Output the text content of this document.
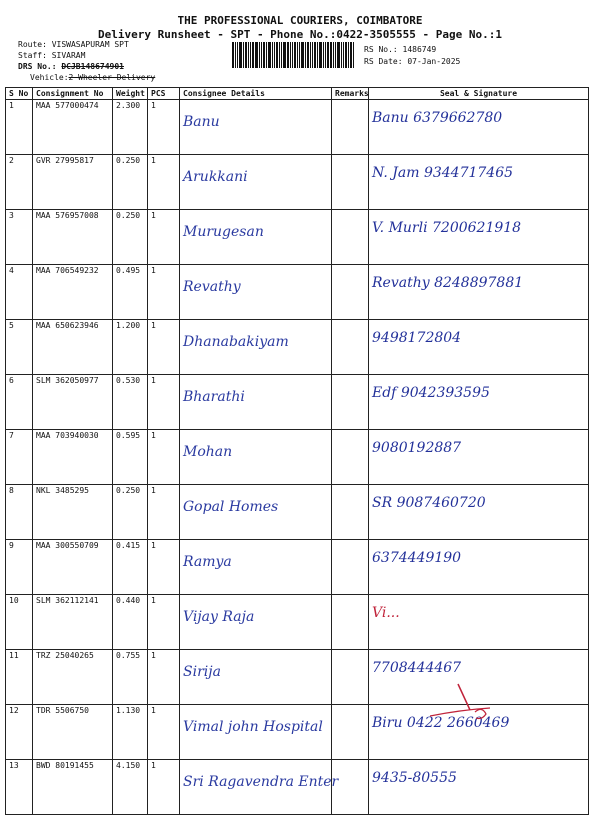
THE PROFESSIONAL COURIERS, COIMBATORE
Delivery Runsheet - SPT - Phone No.:0422-3505555 - Page No.:1
Route: VISWASAPURAM SPT
Staff: SIVARAM
DRS No.: DCJB148674901
Vehicle:2 Wheeler Delivery
RS No.: 1486749
RS Date: 07-Jan-2025
S No	Consignment No	Weight	PCS	Consignee Details	Remarks	Seal & Signature
1	MAA 577000474	2.300	1	Banu		Banu 6379662780
2	GVR 27995817	0.250	1	Arukkani		N. Jam 9344717465
3	MAA 576957008	0.250	1	Murugesan		V. Murli 7200621918
4	MAA 706549232	0.495	1	Revathy		Revathy 8248897881
5	MAA 650623946	1.200	1	Dhanabakiyam		9498172804
6	SLM 362050977	0.530	1	Bharathi		Edf 9042393595
7	MAA 703940030	0.595	1	Mohan		9080192887
8	NKL 3485295	0.250	1	Gopal Homes		SR 9087460720
9	MAA 300550709	0.415	1	Ramya		6374449190
10	SLM 362112141	0.440	1	Vijay Raja		Vi...
11	TRZ 25040265	0.755	1	Sirija		7708444467
12	TDR 5506750	1.130	1	Vimal john Hospital		Biru 0422 2660469
13	BWD 80191455	4.150	1	Sri Ragavendra Enter		9435-80555
